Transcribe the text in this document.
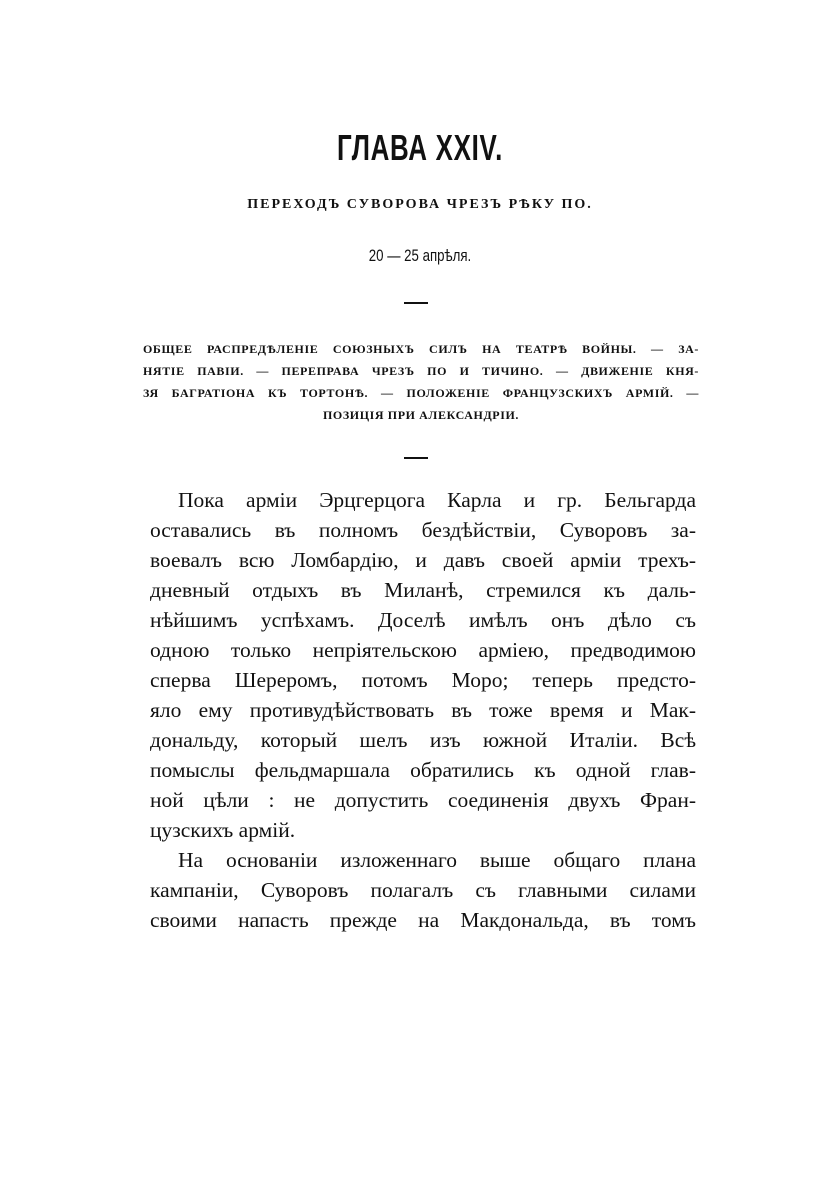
ГЛАВА XXIV.
ПЕРЕХОДЪ СУВОРОВА ЧРЕЗЪ РѢКУ ПО.
20 — 25 апрѣля.
ОБЩЕЕ РАСПРЕДѢЛЕНІЕ СОЮЗНЫХЪ СИЛЪ НА ТЕАТРѢ ВОЙНЫ. — ЗА-
НЯТІЕ ПАВІИ. — ПЕРЕПРАВА ЧРЕЗЪ ПО И ТИЧИНО. — ДВИЖЕНІЕ КНЯ-
ЗЯ БАГРАТІОНА КЪ ТОРТОНѢ. — ПОЛОЖЕНІЕ ФРАНЦУЗСКИХЪ АРМІЙ. —
ПОЗИЦІЯ ПРИ АЛЕКСАНДРІИ.
Пока арміи Эрцгерцога Карла и гр. Бельгарда
оставались въ полномъ бездѣйствіи, Суворовъ за-
воевалъ всю Ломбардію, и давъ своей арміи трехъ-
дневный отдыхъ въ Миланѣ, стремился къ даль-
нѣйшимъ успѣхамъ. Доселѣ имѣлъ онъ дѣло съ
одною только непріятельскою арміею, предводимою
сперва Шереромъ, потомъ Моро; теперь предсто-
яло ему противудѣйствовать въ тоже время и Мак-
дональду, который шелъ изъ южной Италіи. Всѣ
помыслы фельдмаршала обратились къ одной глав-
ной цѣли : не допустить соединенія двухъ Фран-
цузскихъ армій.
На основаніи изложеннаго выше общаго плана
кампаніи, Суворовъ полагалъ съ главными силами
своими напасть прежде на Макдональда, въ томъ
